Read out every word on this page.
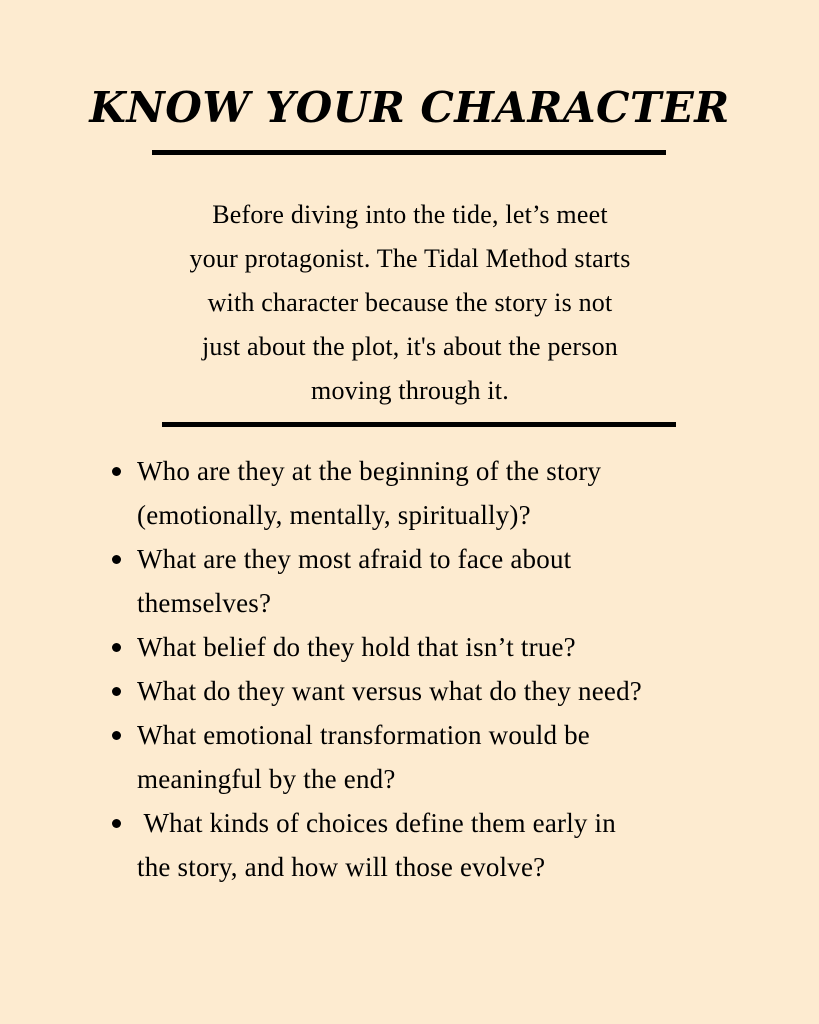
KNOW YOUR CHARACTER

Before diving into the tide, let’s meet
your protagonist. The Tidal Method starts
with character because the story is not
just about the plot, it's about the person
moving through it.

Who are they at the beginning of the story
(emotionally, mentally, spiritually)?
What are they most afraid to face about
themselves?
What belief do they hold that isn’t true?
What do they want versus what do they need?
What emotional transformation would be
meaningful by the end?
What kinds of choices define them early in
the story, and how will those evolve?
